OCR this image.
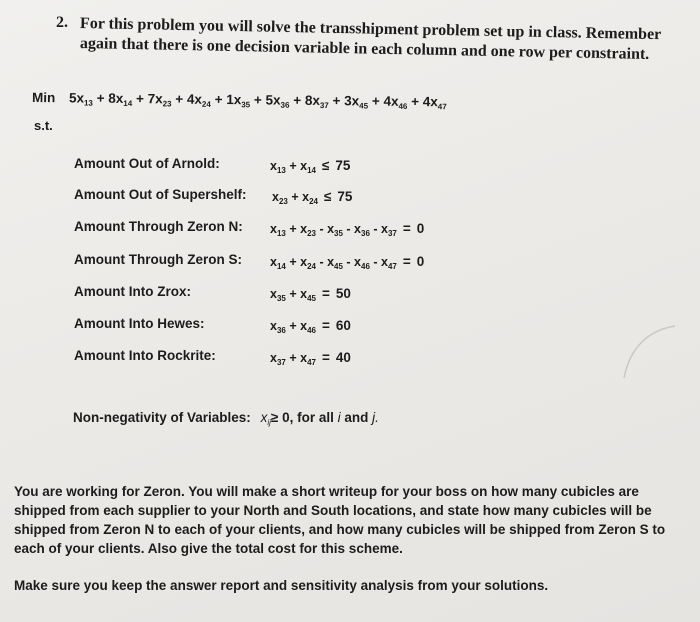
2. For this problem you will solve the transshipment problem set up in class. Remember
again that there is one decision variable in each column and one row per constraint.
Min $5x_{13} + 8x_{14} + 7x_{23} + 4x_{24} + 1x_{35} + 5x_{36} + 8x_{37} + 3x_{45} + 4x_{46} + 4x_{47}$
s.t.
Amount Out of Arnold:	$x_{13} + x_{14} \le 75$
Amount Out of Supershelf: $x_{23} + x_{24} \le 75$
Amount Through Zeron N: $x_{13} + x_{23} - x_{35} - x_{36} - x_{37} = 0$
Amount Through Zeron S: $x_{14} + x_{24} - x_{45} - x_{46} - x_{47} = 0$
Amount Into Zrox:	$x_{35} + x_{45} = 50$
Amount Into Hewes:	$x_{36} + x_{46} = 60$
Amount Into Rockrite:	$x_{37} + x_{47} = 40$
Non-negativity of Variables: $x_{ij}\ge 0$, for all i and j.
You are working for Zeron. You will make a short writeup for your boss on how many cubicles are shipped from each supplier to your North and South locations, and state how many cubicles will be shipped from Zeron N to each of your clients, and how many cubicles will be shipped from Zeron S to each of your clients. Also give the total cost for this scheme.
Make sure you keep the answer report and sensitivity analysis from your solutions.
